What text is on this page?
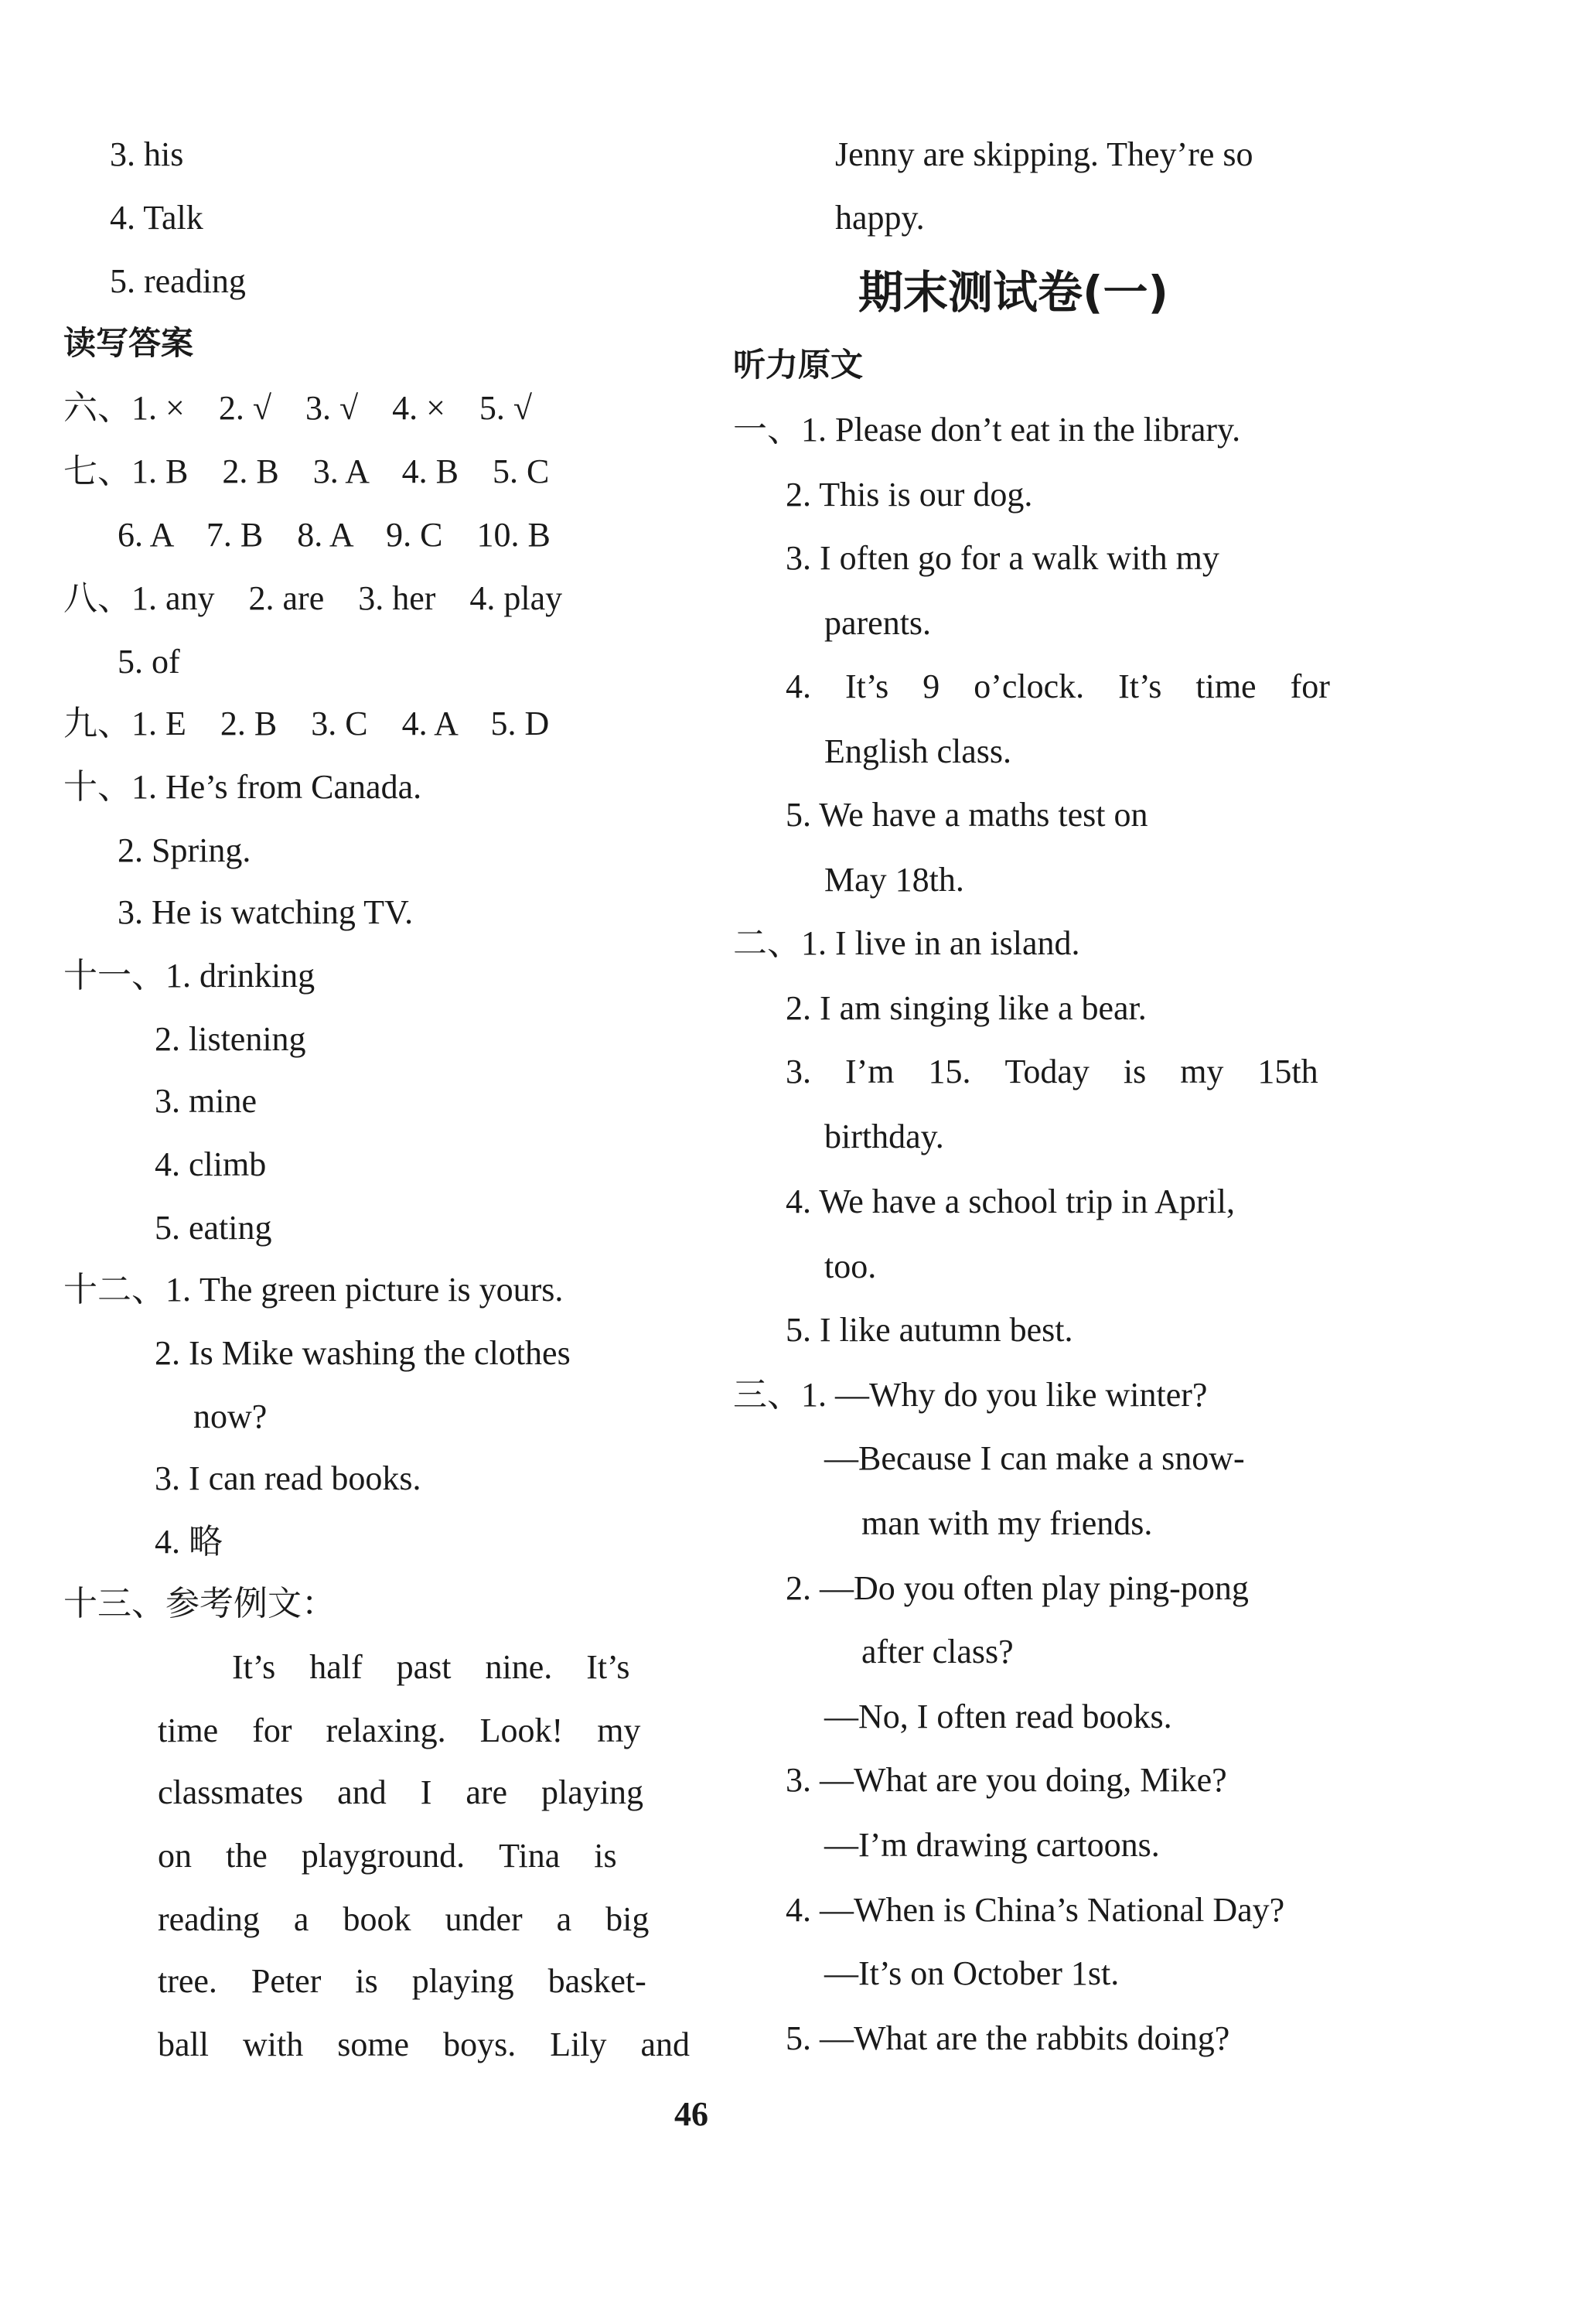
3. his
4. Talk
5. reading
读写答案
六、1. ×　2. √　3. √　4. ×　5. √
七、1. B　2. B　3. A　4. B　5. C
6. A　7. B　8. A　9. C　10. B
八、1. any　2. are　3. her　4. play
5. of
九、1. E　2. B　3. C　4. A　5. D
十、1. He’s from Canada.
2. Spring.
3. He is watching TV.
十一、1. drinking
2. listening
3. mine
4. climb
5. eating
十二、1. The green picture is yours.
2. Is Mike washing the clothes
now?
3. I can read books.
4. 略
十三、参考例文：
It’s　half　past　nine.　It’s
time　for　relaxing.　Look!　my
classmates　and　I　are　playing
on　the　playground.　Tina　is
reading　a　book　under　a　big
tree.　Peter　is　playing　basket-
ball　with　some　boys.　Lily　and
Jenny are skipping. They’re so
happy.
期末测试卷(一)
听力原文
一、1. Please don’t eat in the library.
2. This is our dog.
3. I often go for a walk with my
parents.
4.　It’s　9　o’clock.　It’s　time　for
English class.
5. We have a maths test on
May 18th.
二、1. I live in an island.
2. I am singing like a bear.
3.　I’m　15.　Today　is　my　15th
birthday.
4. We have a school trip in April,
too.
5. I like autumn best.
三、1. —Why do you like winter?
—Because I can make a snow-
man with my friends.
2. —Do you often play ping-pong
after class?
—No, I often read books.
3. —What are you doing, Mike?
—I’m drawing cartoons.
4. —When is China’s National Day?
—It’s on October 1st.
5. —What are the rabbits doing?
46
